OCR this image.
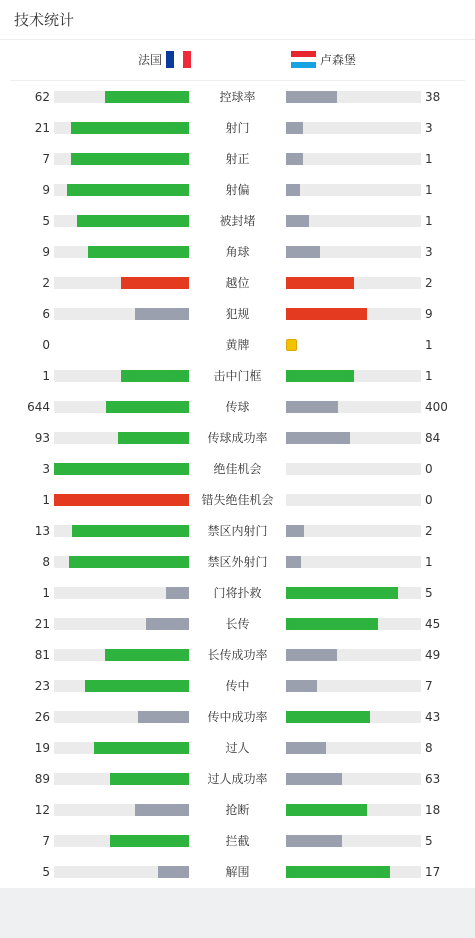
技术统计
法国	卢森堡
62	控球率	38
21	射门	3
7	射正	1
9	射偏	1
5	被封堵	1
9	角球	3
2	越位	2
6	犯规	9
0	黄牌	1
1	击中门框	1
644	传球	400
93	传球成功率	84
3	绝佳机会	0
1	错失绝佳机会	0
13	禁区内射门	2
8	禁区外射门	1
1	门将扑救	5
21	长传	45
81	长传成功率	49
23	传中	7
26	传中成功率	43
19	过人	8
89	过人成功率	63
12	抢断	18
7	拦截	5
5	解围	17
